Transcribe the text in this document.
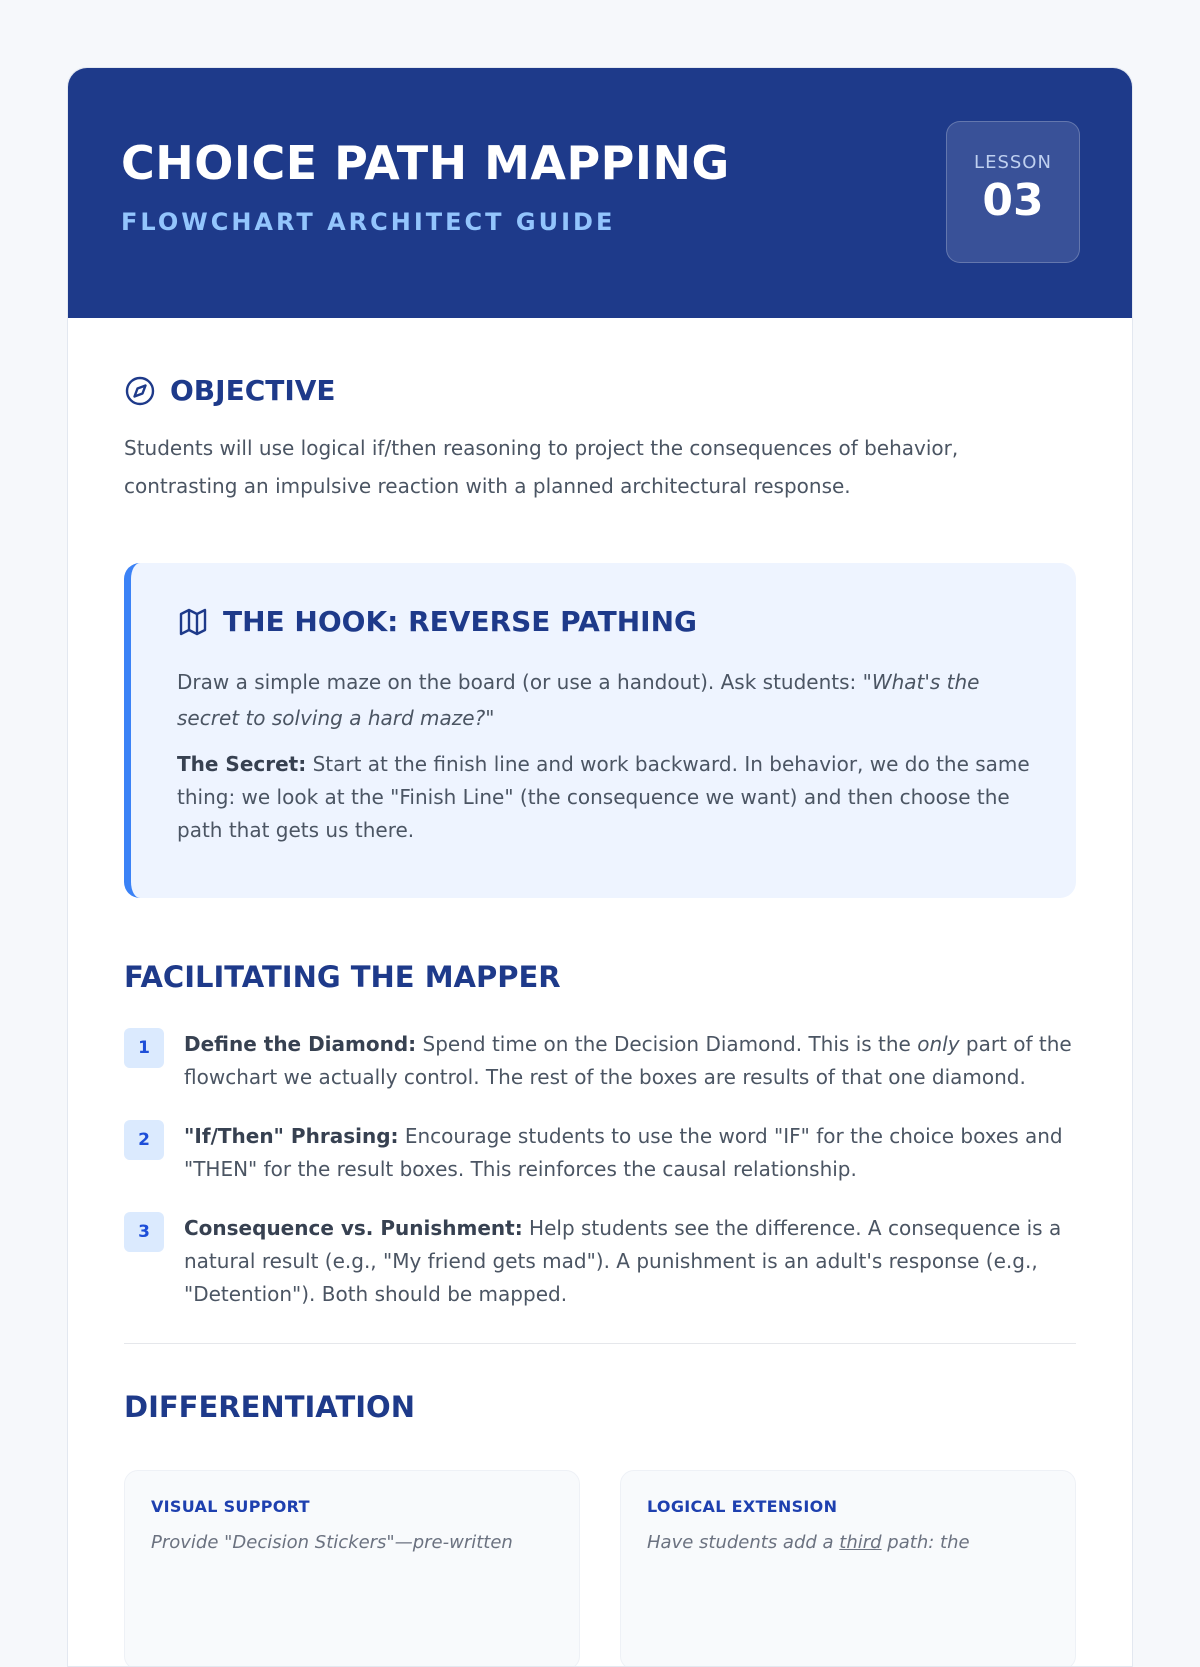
CHOICE PATH MAPPING
FLOWCHART ARCHITECT GUIDE
LESSON
03
OBJECTIVE

Students will use logical if/then reasoning to project the consequences of behavior, contrasting an impulsive reaction with a planned architectural response.

THE HOOK: REVERSE PATHING

Draw a simple maze on the board (or use a handout). Ask students: "What's the secret to solving a hard maze?"

The Secret: Start at the finish line and work backward. In behavior, we do the same thing: we look at the "Finish Line" (the consequence we want) and then choose the path that gets us there.

FACILITATING THE MAPPER
1	Define the Diamond: Spend time on the Decision Diamond. This is the only part of the flowchart we actually control. The rest of the boxes are results of that one diamond.
2	"If/Then" Phrasing: Encourage students to use the word "IF" for the choice boxes and "THEN" for the result boxes. This reinforces the causal relationship.
3	Consequence vs. Punishment: Help students see the difference. A consequence is a natural result (e.g., "My friend gets mad"). A punishment is an adult's response (e.g., "Detention"). Both should be mapped.
DIFFERENTIATION
VISUAL SUPPORT
Provide "Decision Stickers"—pre-written
LOGICAL EXTENSION
Have students add a third path: the
